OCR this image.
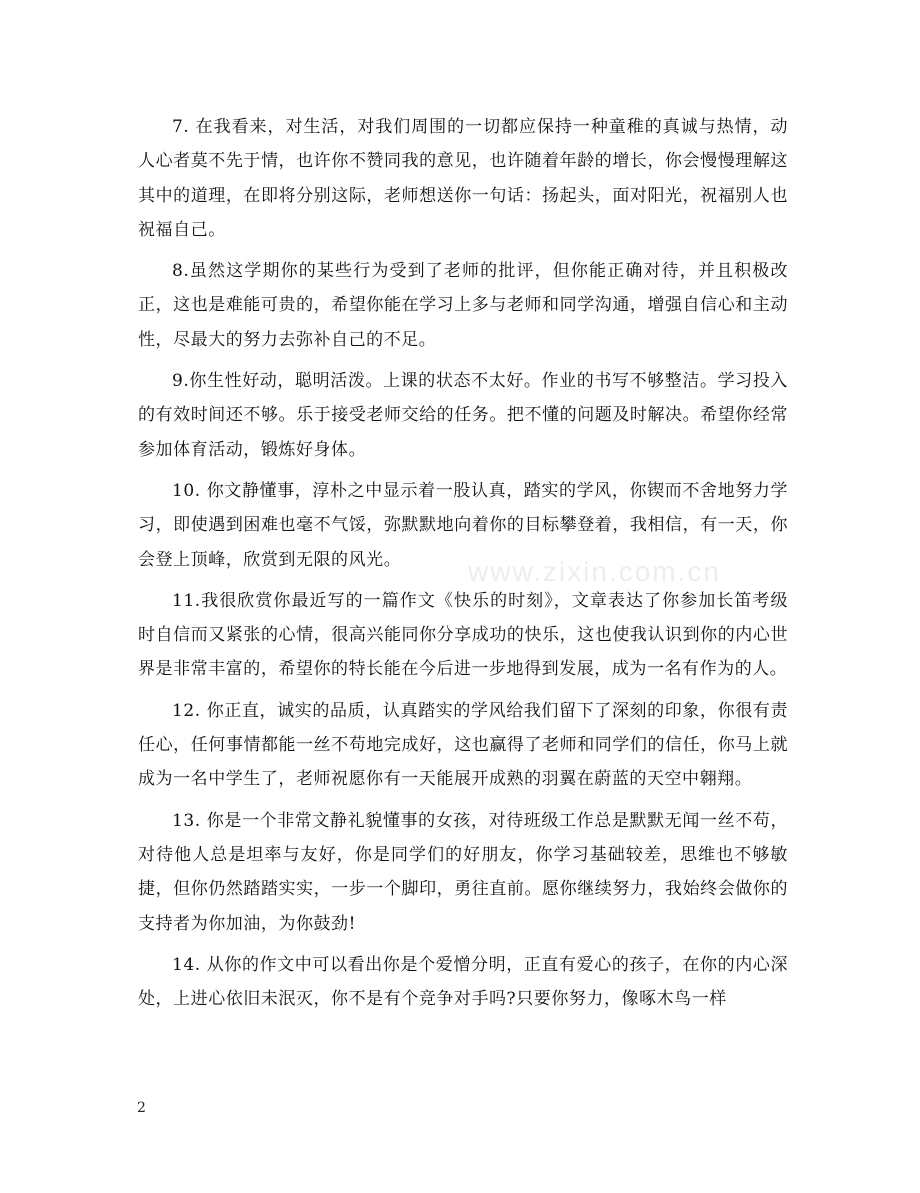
7. 在我看来，对生活，对我们周围的一切都应保持一种童稚的真诚与热情，动人心者莫不先于情，也许你不赞同我的意见，也许随着年龄的增长，你会慢慢理解这其中的道理，在即将分别这际，老师想送你一句话：扬起头，面对阳光，祝福别人也祝福自己。

8.虽然这学期你的某些行为受到了老师的批评，但你能正确对待，并且积极改正，这也是难能可贵的，希望你能在学习上多与老师和同学沟通，增强自信心和主动性，尽最大的努力去弥补自己的不足。

9.你生性好动，聪明活泼。上课的状态不太好。作业的书写不够整洁。学习投入的有效时间还不够。乐于接受老师交给的任务。把不懂的问题及时解决。希望你经常参加体育活动，锻炼好身体。

10. 你文静懂事，淳朴之中显示着一股认真，踏实的学风，你锲而不舍地努力学习，即使遇到困难也毫不气馁，弥默默地向着你的目标攀登着，我相信，有一天，你会登上顶峰，欣赏到无限的风光。

11.我很欣赏你最近写的一篇作文《快乐的时刻》，文章表达了你参加长笛考级时自信而又紧张的心情，很高兴能同你分享成功的快乐，这也使我认识到你的内心世界是非常丰富的，希望你的特长能在今后进一步地得到发展，成为一名有作为的人。

12. 你正直，诚实的品质，认真踏实的学风给我们留下了深刻的印象，你很有责任心，任何事情都能一丝不苟地完成好，这也赢得了老师和同学们的信任，你马上就成为一名中学生了，老师祝愿你有一天能展开成熟的羽翼在蔚蓝的天空中翱翔。

13. 你是一个非常文静礼貌懂事的女孩，对待班级工作总是默默无闻一丝不苟，对待他人总是坦率与友好，你是同学们的好朋友，你学习基础较差，思维也不够敏捷，但你仍然踏踏实实，一步一个脚印，勇往直前。愿你继续努力，我始终会做你的支持者为你加油，为你鼓劲!

14. 从你的作文中可以看出你是个爱憎分明，正直有爱心的孩子，在你的内心深处，上进心依旧未泯灭，你不是有个竞争对手吗?只要你努力，像啄木鸟一样

www.zixin.com.cn
2
